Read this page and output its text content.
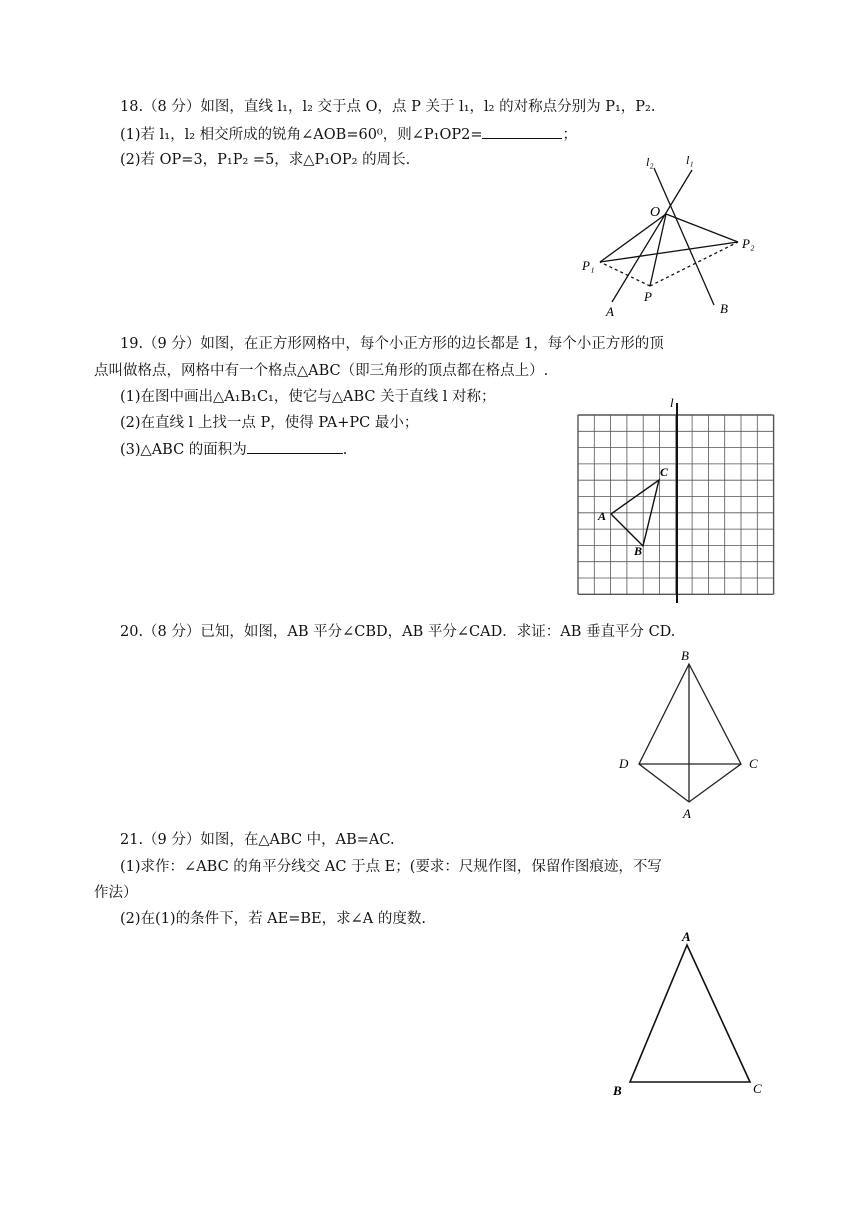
18.（8 分）如图，直线 l₁，l₂ 交于点 O，点 P 关于 l₁，l₂ 的对称点分别为 P₁，P₂.
(1)若 l₁，l₂ 相交所成的锐角∠AOB=60⁰，则∠P₁OP2=	；
(2)若 OP=3，P₁P₂ =5，求△P₁OP₂ 的周长.	l₂	l₁
O
P₁
P₂
P
A	B
19.（9 分）如图，在正方形网格中，每个小正方形的边长都是 1，每个小正方形的顶
点叫做格点，网格中有一个格点△ABC（即三角形的顶点都在格点上）.
(1)在图中画出△A₁B₁C₁，使它与△ABC 关于直线 l 对称；
(2)在直线 l 上找一点 P，使得 PA+PC 最小；
(3)△ABC 的面积为	.
l
A
B
C
20.（8 分）已知，如图，AB 平分∠CBD，AB 平分∠CAD．求证：AB 垂直平分 CD.
B
D	C
A
21.（9 分）如图，在△ABC 中，AB=AC.
(1)求作：∠ABC 的角平分线交 AC 于点 E；(要求：尺规作图，保留作图痕迹，不写
作法）
(2)在(1)的条件下，若 AE=BE，求∠A 的度数.
A
B	C
